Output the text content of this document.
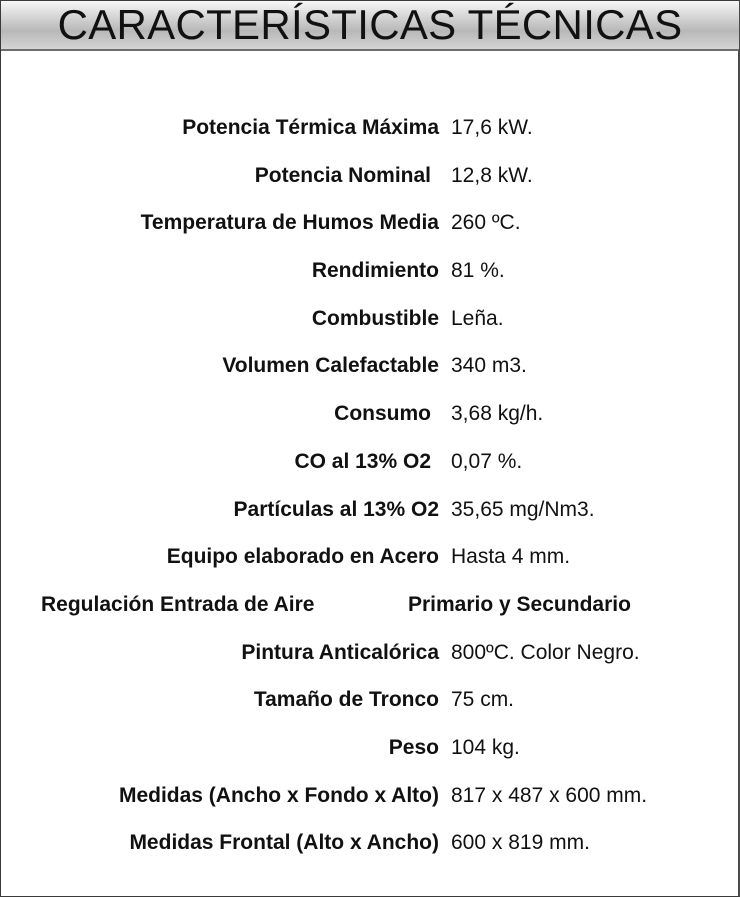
CARACTERÍSTICAS TÉCNICAS
Potencia Térmica Máxima 17,6 kW.
Potencia Nominal 12,8 kW.
Temperatura de Humos Media 260 ºC.
Rendimiento 81 %.
Combustible Leña.
Volumen Calefactable 340 m3.
Consumo 3,68 kg/h.
CO al 13% O2 0,07 %.
Partículas al 13% O2 35,65 mg/Nm3.
Equipo elaborado en Acero Hasta 4 mm.
Regulación Entrada de Aire	Primario y Secundario
Pintura Anticalórica 800ºC. Color Negro.
Tamaño de Tronco 75 cm.
Peso 104 kg.
Medidas (Ancho x Fondo x Alto) 817 x 487 x 600 mm.
Medidas Frontal (Alto x Ancho) 600 x 819 mm.
